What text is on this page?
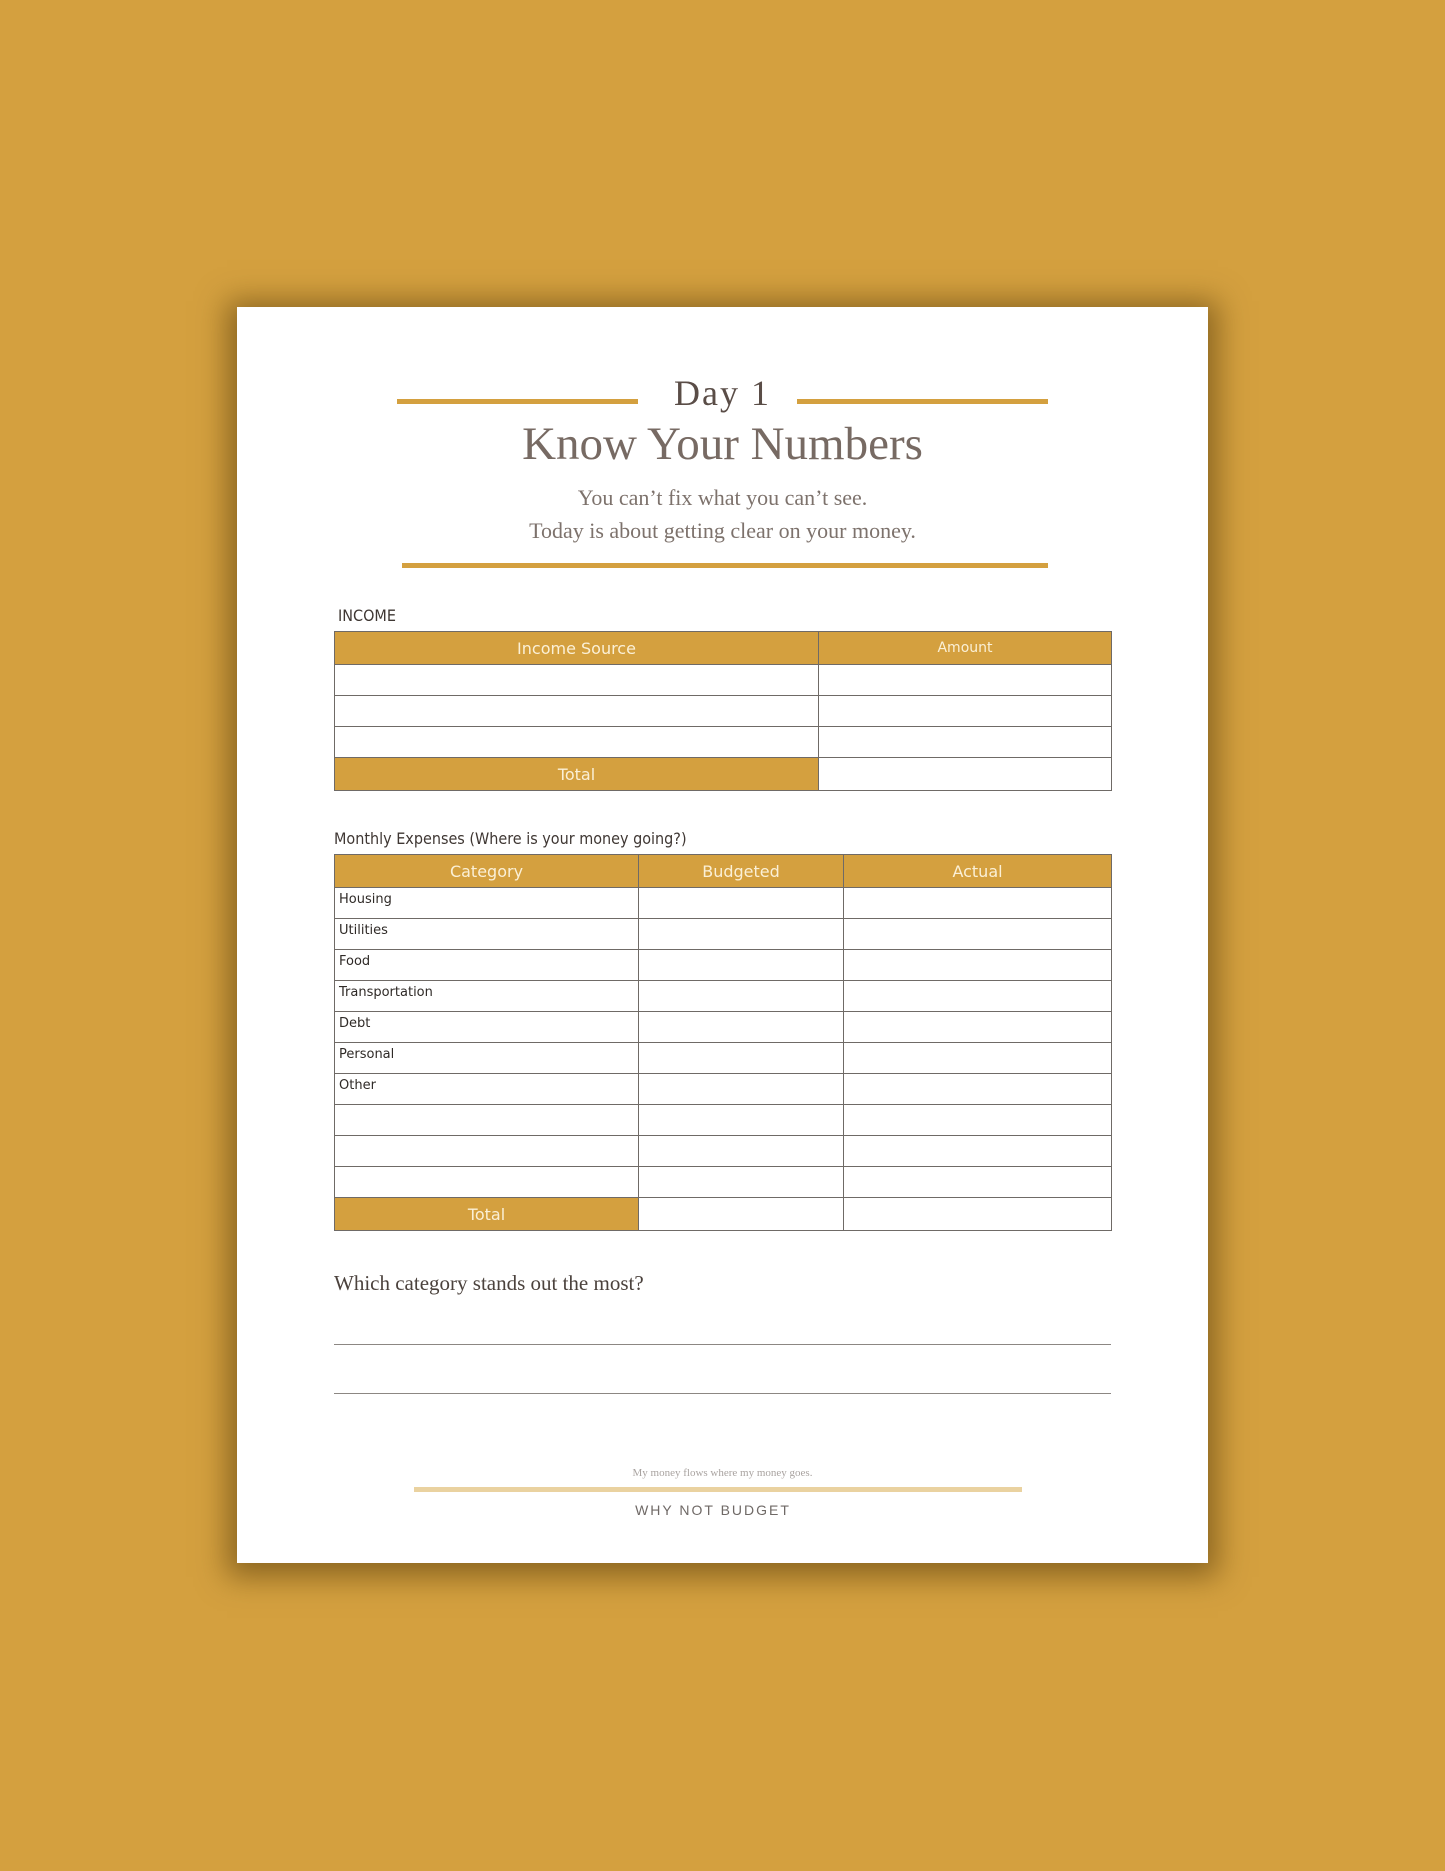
Day 1
Know Your Numbers
You can’t fix what you can’t see.
Today is about getting clear on your money.
INCOME
Income Source	Amount

Total	
Monthly Expenses (Where is your money going?)
Category	Budgeted	Actual
Housing		
Utilities		
Food		
Transportation		
Debt		
Personal		
Other		

Total		
Which category stands out the most?
My money flows where my money goes.
WHY NOT BUDGET
